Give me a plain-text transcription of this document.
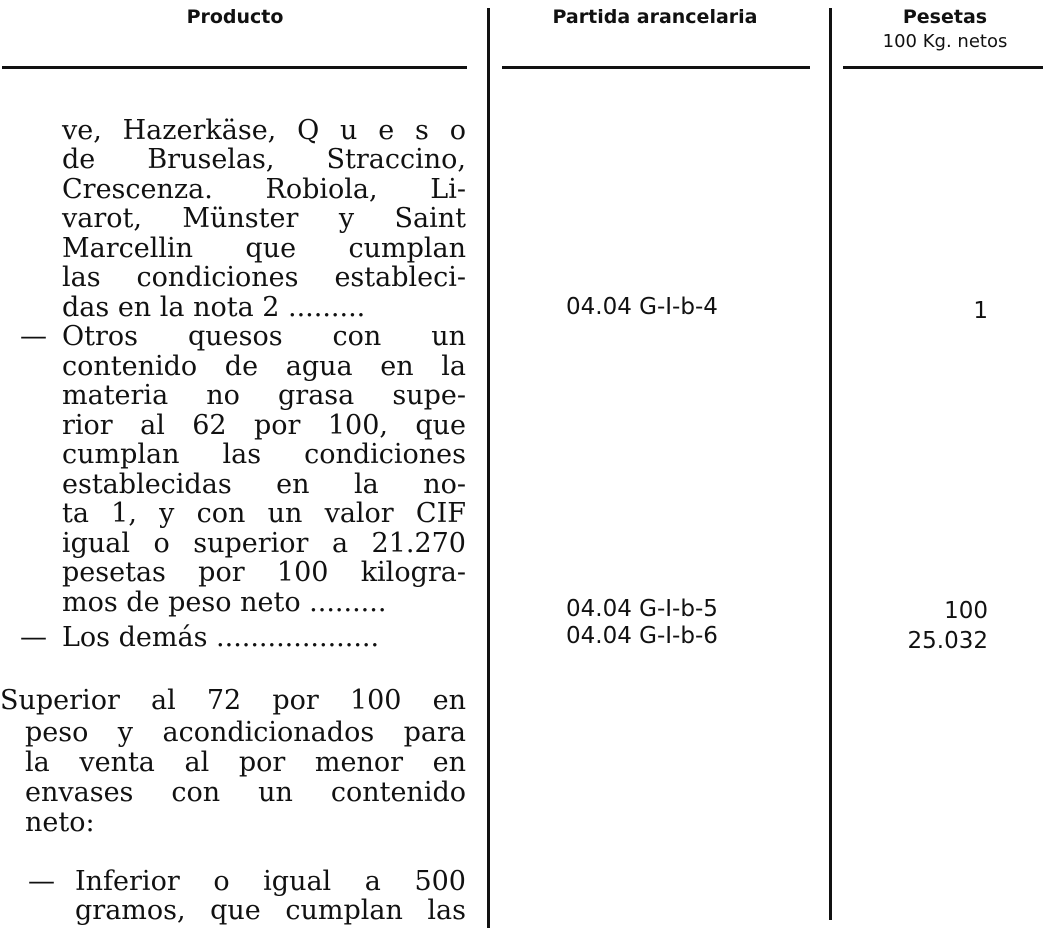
Producto	Partida arancelaria	Pesetas
100 Kg. netos
ve, Hazerkäse, Q u e s o
de Bruselas, Straccino,
Crescenza. Robiola, Li-
varot, Münster y Saint
Marcellin que cumplan
las condiciones estableci-
das en la nota 2 .........	04.04 G-I-b-4	1
— Otros quesos con un
contenido de agua en la
materia no grasa supe-
rior al 62 por 100, que
cumplan las condiciones
establecidas en la no-
ta 1, y con un valor CIF
igual o superior a 21.270
pesetas por 100 kilogra-
mos de peso neto .........	04.04 G-I-b-5	100
— Los demás ...................	04.04 G-I-b-6	25.032
Superior al 72 por 100 en
peso y acondicionados para
la venta al por menor en
envases con un contenido
neto:
— Inferior o igual a 500
gramos, que cumplan las
